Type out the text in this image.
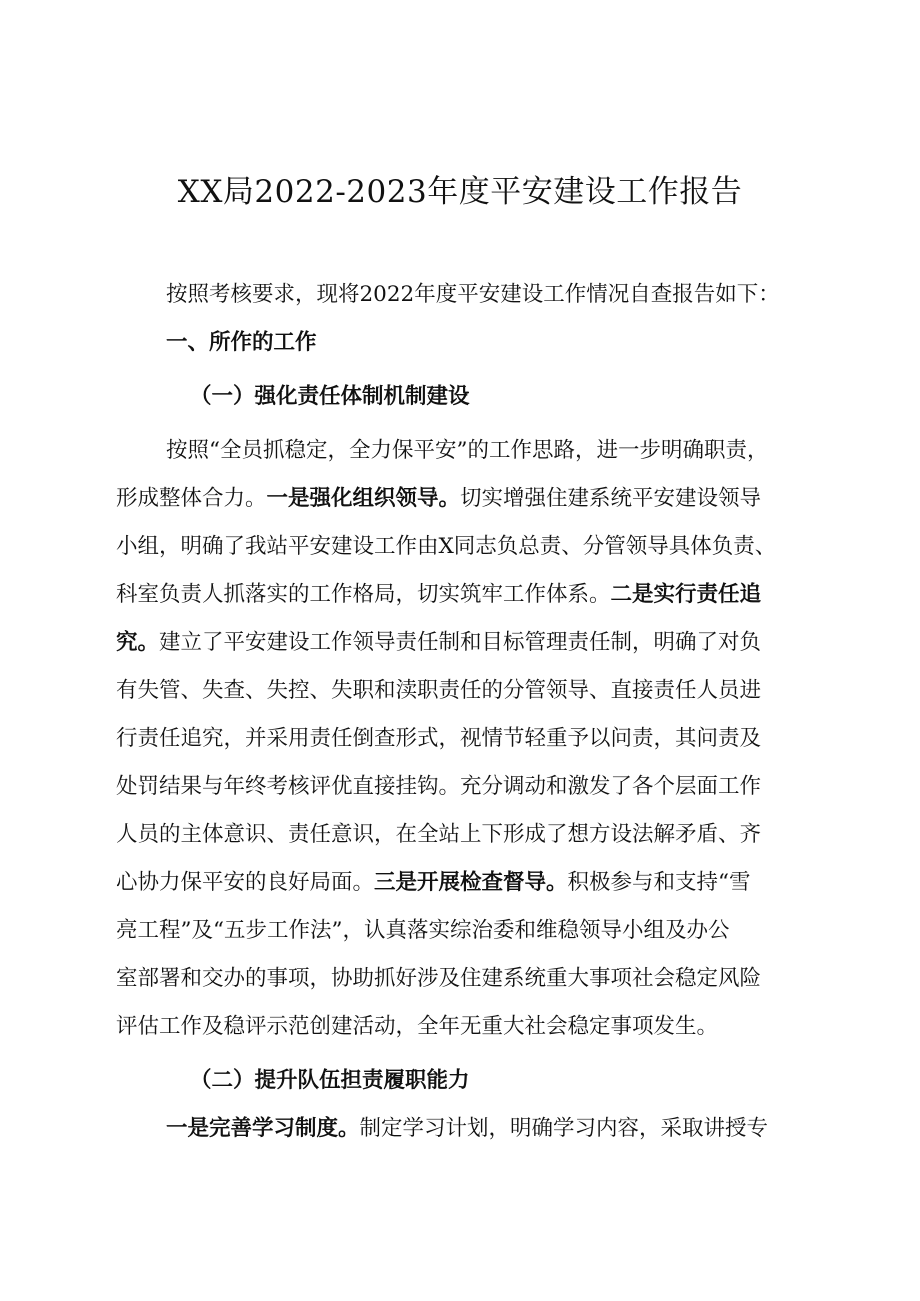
XX局2022-2023年度平安建设工作报告

按照考核要求，现将2022年度平安建设工作情况自查报告如下：

一、所作的工作

（一）强化责任体制机制建设

按照“全员抓稳定，全力保平安”的工作思路，进一步明确职责，

形成整体合力。一是强化组织领导。切实增强住建系统平安建设领导

小组，明确了我站平安建设工作由X同志负总责、分管领导具体负责、

科室负责人抓落实的工作格局，切实筑牢工作体系。二是实行责任追

究。建立了平安建设工作领导责任制和目标管理责任制，明确了对负

有失管、失查、失控、失职和渎职责任的分管领导、直接责任人员进

行责任追究，并采用责任倒查形式，视情节轻重予以问责，其问责及

处罚结果与年终考核评优直接挂钩。充分调动和激发了各个层面工作

人员的主体意识、责任意识，在全站上下形成了想方设法解矛盾、齐

心协力保平安的良好局面。三是开展检查督导。积极参与和支持“雪

亮工程”及“五步工作法”，认真落实综治委和维稳领导小组及办公

室部署和交办的事项，协助抓好涉及住建系统重大事项社会稳定风险

评估工作及稳评示范创建活动，全年无重大社会稳定事项发生。

（二）提升队伍担责履职能力

一是完善学习制度。制定学习计划，明确学习内容，采取讲授专
